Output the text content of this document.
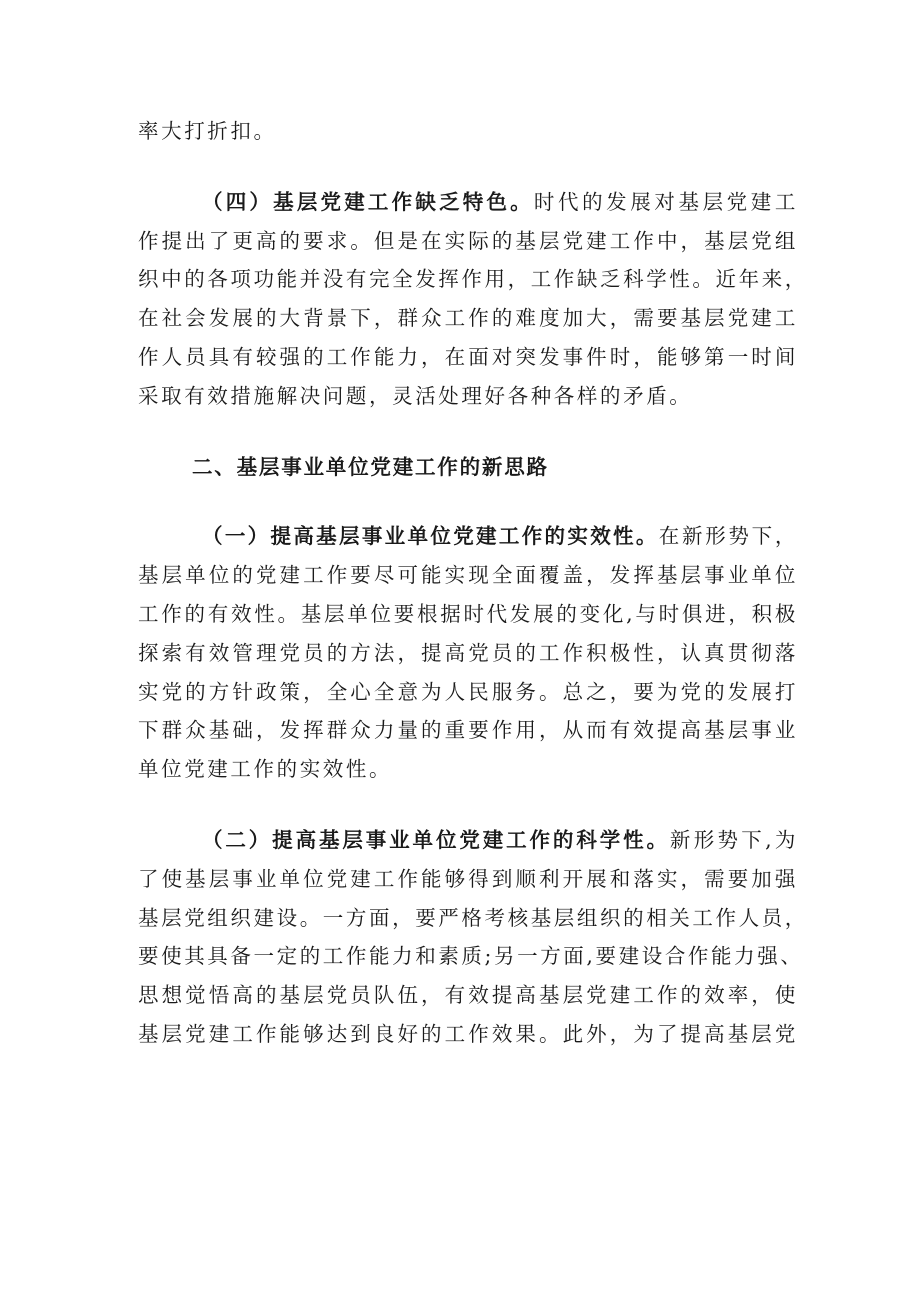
率大打折扣。
（四）基层党建工作缺乏特色。时代的发展对基层党建工
作提出了更高的要求。但是在实际的基层党建工作中，基层党组
织中的各项功能并没有完全发挥作用，工作缺乏科学性。近年来，
在社会发展的大背景下，群众工作的难度加大，需要基层党建工
作人员具有较强的工作能力，在面对突发事件时，能够第一时间
采取有效措施解决问题，灵活处理好各种各样的矛盾。
二、基层事业单位党建工作的新思路
（一）提高基层事业单位党建工作的实效性。在新形势下，
基层单位的党建工作要尽可能实现全面覆盖，发挥基层事业单位
工作的有效性。基层单位要根据时代发展的变化,与时俱进，积极
探索有效管理党员的方法，提高党员的工作积极性，认真贯彻落
实党的方针政策，全心全意为人民服务。总之，要为党的发展打
下群众基础，发挥群众力量的重要作用，从而有效提高基层事业
单位党建工作的实效性。
（二）提高基层事业单位党建工作的科学性。新形势下,为
了使基层事业单位党建工作能够得到顺利开展和落实，需要加强
基层党组织建设。一方面，要严格考核基层组织的相关工作人员，
要使其具备一定的工作能力和素质;另一方面,要建设合作能力强、
思想觉悟高的基层党员队伍，有效提高基层党建工作的效率，使
基层党建工作能够达到良好的工作效果。此外，为了提高基层党
